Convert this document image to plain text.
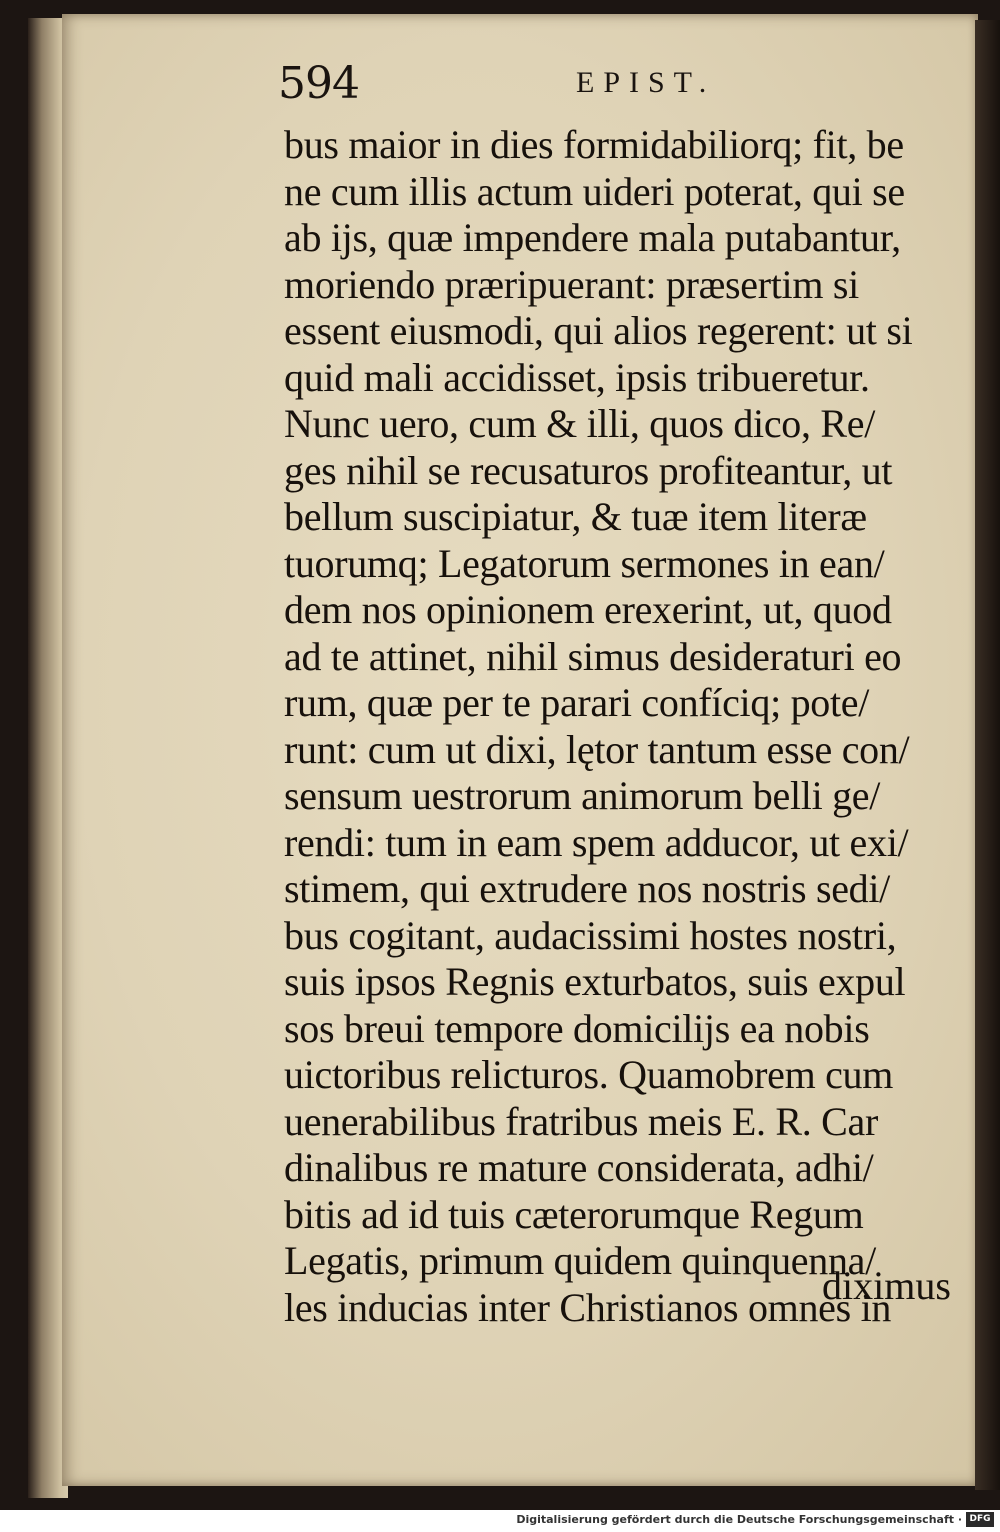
594	EPIST.
bus maior in dies formidabiliorq; fit, be
ne cum illis actum uideri poterat, qui se
ab ijs, quæ impendere mala putabantur,
moriendo præripuerant: præsertim si
essent eiusmodi, qui alios regerent: ut si
quid mali accidisset, ipsis tribueretur.
Nunc uero, cum & illi, quos dico, Re/
ges nihil se recusaturos profiteantur, ut
bellum suscipiatur, & tuæ item literæ
tuorumq; Legatorum sermones in ean/
dem nos opinionem erexerint, ut, quod
ad te attinet, nihil simus desideraturi eo
rum, quæ per te parari confíciq; pote/
runt: cum ut dixi, lętor tantum esse con/
sensum uestrorum animorum belli ge/
rendi: tum in eam spem adducor, ut exi/
stimem, qui extrudere nos nostris sedi/
bus cogitant, audacissimi hostes nostri,
suis ipsos Regnis exturbatos, suis expul
sos breui tempore domicilijs ea nobis
uictoribus relicturos. Quamobrem cum
uenerabilibus fratribus meis E. R. Car
dinalibus re mature considerata, adhi/
bitis ad id tuis cæterorumque Regum
Legatis, primum quidem quinquenna/
les inducias inter Christianos omnes in
diximus
Digitalisierung gefördert durch die Deutsche Forschungsgemeinschaft · DFG
